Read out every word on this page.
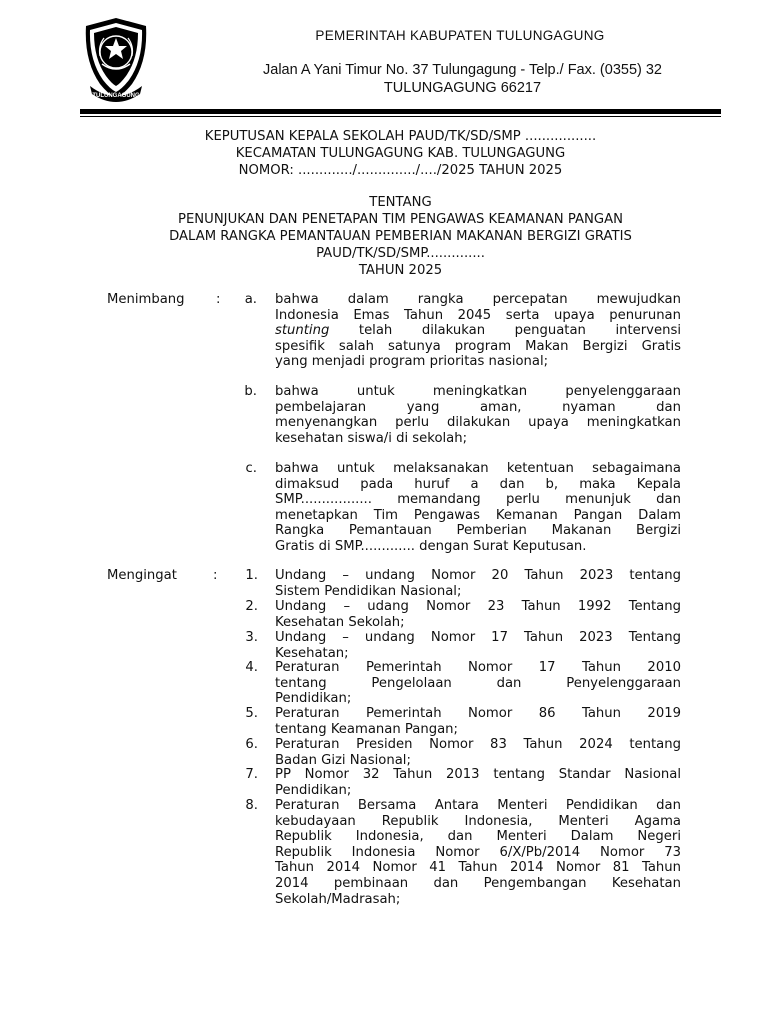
TULUNGAGUNG
PEMERINTAH KABUPATEN TULUNGAGUNG
Jalan A Yani Timur No. 37 Tulungagung - Telp./ Fax. (0355) 32
TULUNGAGUNG 66217
KEPUTUSAN KEPALA SEKOLAH PAUD/TK/SD/SMP .................
KECAMATAN TULUNGAGUNG KAB. TULUNGAGUNG
NOMOR: ............./............../..../2025 TAHUN 2025
TENTANG
PENUNJUKAN DAN PENETAPAN TIM PENGAWAS KEAMANAN PANGAN
DALAM RANGKA PEMANTAUAN PEMBERIAN MAKANAN BERGIZI GRATIS
PAUD/TK/SD/SMP..............
TAHUN 2025
Menimbang :	a. bahwa dalam rangka percepatan mewujudkan
Indonesia Emas Tahun 2045 serta upaya penurunan
stunting telah dilakukan penguatan intervensi
spesifik salah satunya program Makan Bergizi Gratis
yang menjadi program prioritas nasional;
b. bahwa untuk meningkatkan penyelenggaraan
pembelajaran yang aman, nyaman dan
menyenangkan perlu dilakukan upaya meningkatkan
kesehatan siswa/i di sekolah;
c. bahwa untuk melaksanakan ketentuan sebagaimana
dimaksud pada huruf a dan b, maka Kepala
SMP................. memandang perlu menunjuk dan
menetapkan Tim Pengawas Kemanan Pangan Dalam
Rangka Pemantauan Pemberian Makanan Bergizi
Gratis di SMP............. dengan Surat Keputusan.
Mengingat	:	1. Undang – undang Nomor 20 Tahun 2023 tentang
Sistem Pendidikan Nasional;
2. Undang – udang Nomor 23 Tahun 1992 Tentang
Kesehatan Sekolah;
3. Undang – undang Nomor 17 Tahun 2023 Tentang
Kesehatan;
4. Peraturan Pemerintah Nomor 17 Tahun 2010
tentang Pengelolaan dan Penyelenggaraan
Pendidikan;
5. Peraturan Pemerintah Nomor 86 Tahun 2019
tentang Keamanan Pangan;
6. Peraturan Presiden Nomor 83 Tahun 2024 tentang
Badan Gizi Nasional;
7. PP Nomor 32 Tahun 2013 tentang Standar Nasional
Pendidikan;
8. Peraturan Bersama Antara Menteri Pendidikan dan
kebudayaan Republik Indonesia, Menteri Agama
Republik Indonesia, dan Menteri Dalam Negeri
Republik Indonesia Nomor 6/X/Pb/2014 Nomor 73
Tahun 2014 Nomor 41 Tahun 2014 Nomor 81 Tahun
2014 pembinaan dan Pengembangan Kesehatan
Sekolah/Madrasah;
